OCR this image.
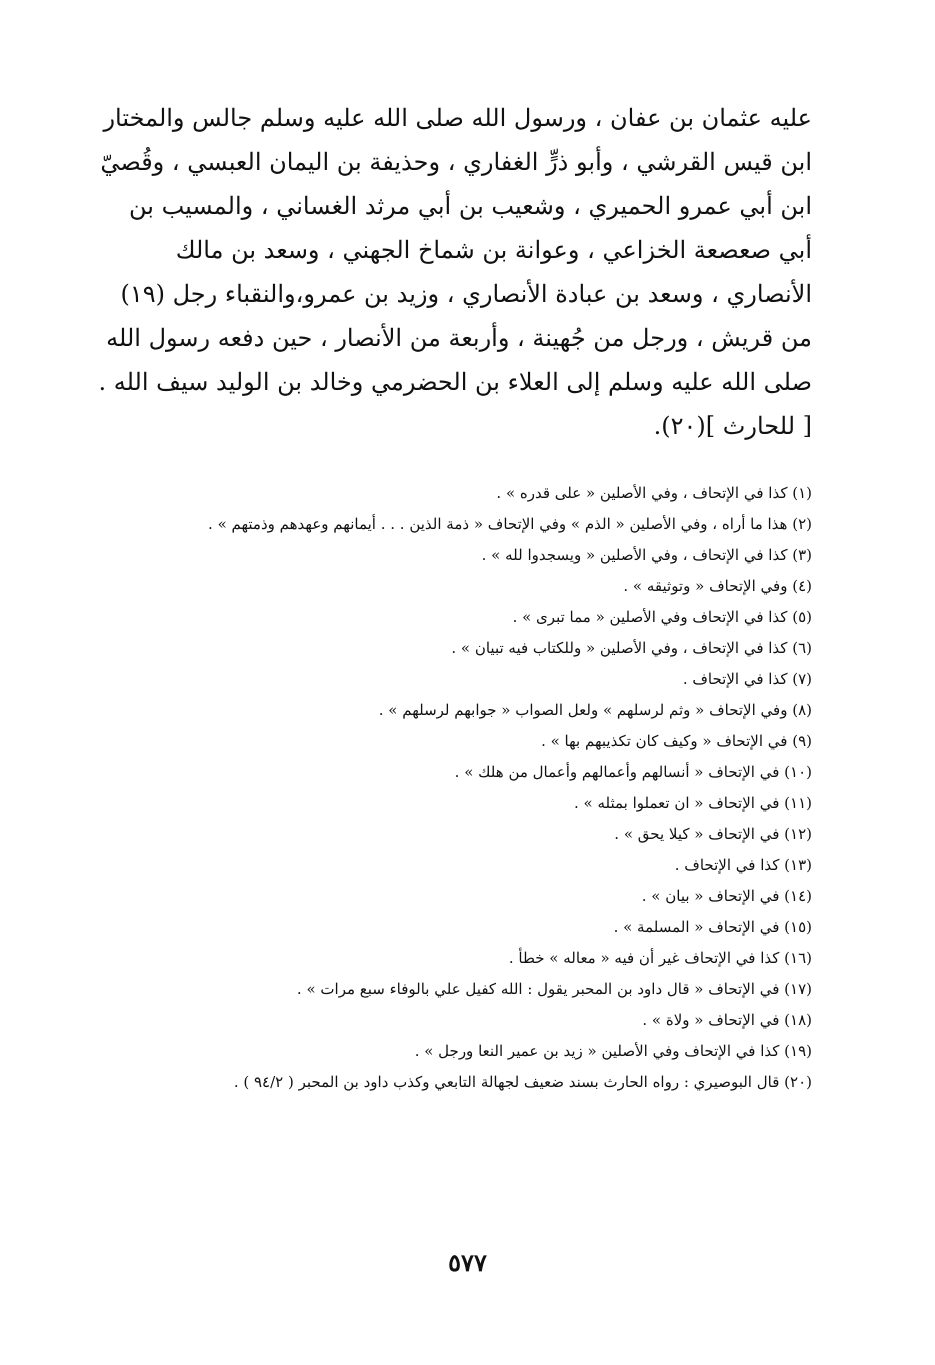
عليه عثمان بن عفان ، ورسول الله صلى الله عليه وسلم جالس والمختار
ابن قيس القرشي ، وأبو ذرٍّ الغفاري ، وحذيفة بن اليمان العبسي ، وقُصيّ
ابن أبي عمرو الحميري ، وشعيب بن أبي مرثد الغساني ، والمسيب بن
أبي صعصعة الخزاعي ، وعوانة بن شماخ الجهني ، وسعد بن مالك
الأنصاري ، وسعد بن عبادة الأنصاري ، وزيد بن عمرو،والنقباء رجل (١٩)
من قريش ، ورجل من جُهينة ، وأربعة من الأنصار ، حين دفعه رسول الله
صلى الله عليه وسلم إلى العلاء بن الحضرمي وخالد بن الوليد سيف الله .
[ للحارث ](٢٠).
(١) كذا في الإتحاف ، وفي الأصلين « على قدره » .
(٢) هذا ما أراه ، وفي الأصلين « الذم » وفي الإتحاف « ذمة الذين . . . أيمانهم وعهدهم وذمتهم » .
(٣) كذا في الإتحاف ، وفي الأصلين « ويسجدوا لله » .
(٤) وفي الإتحاف « وتوثيقه » .
(٥) كذا في الإتحاف وفي الأصلين « مما تبرى » .
(٦) كذا في الإتحاف ، وفي الأصلين « وللكتاب فيه تبيان » .
(٧) كذا في الإتحاف .
(٨) وفي الإتحاف « وثم لرسلهم » ولعل الصواب « جوابهم لرسلهم » .
(٩) في الإتحاف « وكيف كان تكذيبهم بها » .
(١٠) في الإتحاف « أنسالهم وأعمالهم وأعمال من هلك » .
(١١) في الإتحاف « ان تعملوا بمثله » .
(١٢) في الإتحاف « كيلا يحق » .
(١٣) كذا في الإتحاف .
(١٤) في الإتحاف « بيان » .
(١٥) في الإتحاف « المسلمة » .
(١٦) كذا في الإتحاف غير أن فيه « معاله » خطأ .
(١٧) في الإتحاف « قال داود بن المحبر يقول : الله كفيل علي بالوفاء سبع مرات » .
(١٨) في الإتحاف « ولاة » .
(١٩) كذا في الإتحاف وفي الأصلين « زيد بن عمير النعا ورجل » .
(٢٠) قال البوصيري : رواه الحارث بسند ضعيف لجهالة التابعي وكذب داود بن المحبر ( ٩٤/٢ ) .
٥٧٧
